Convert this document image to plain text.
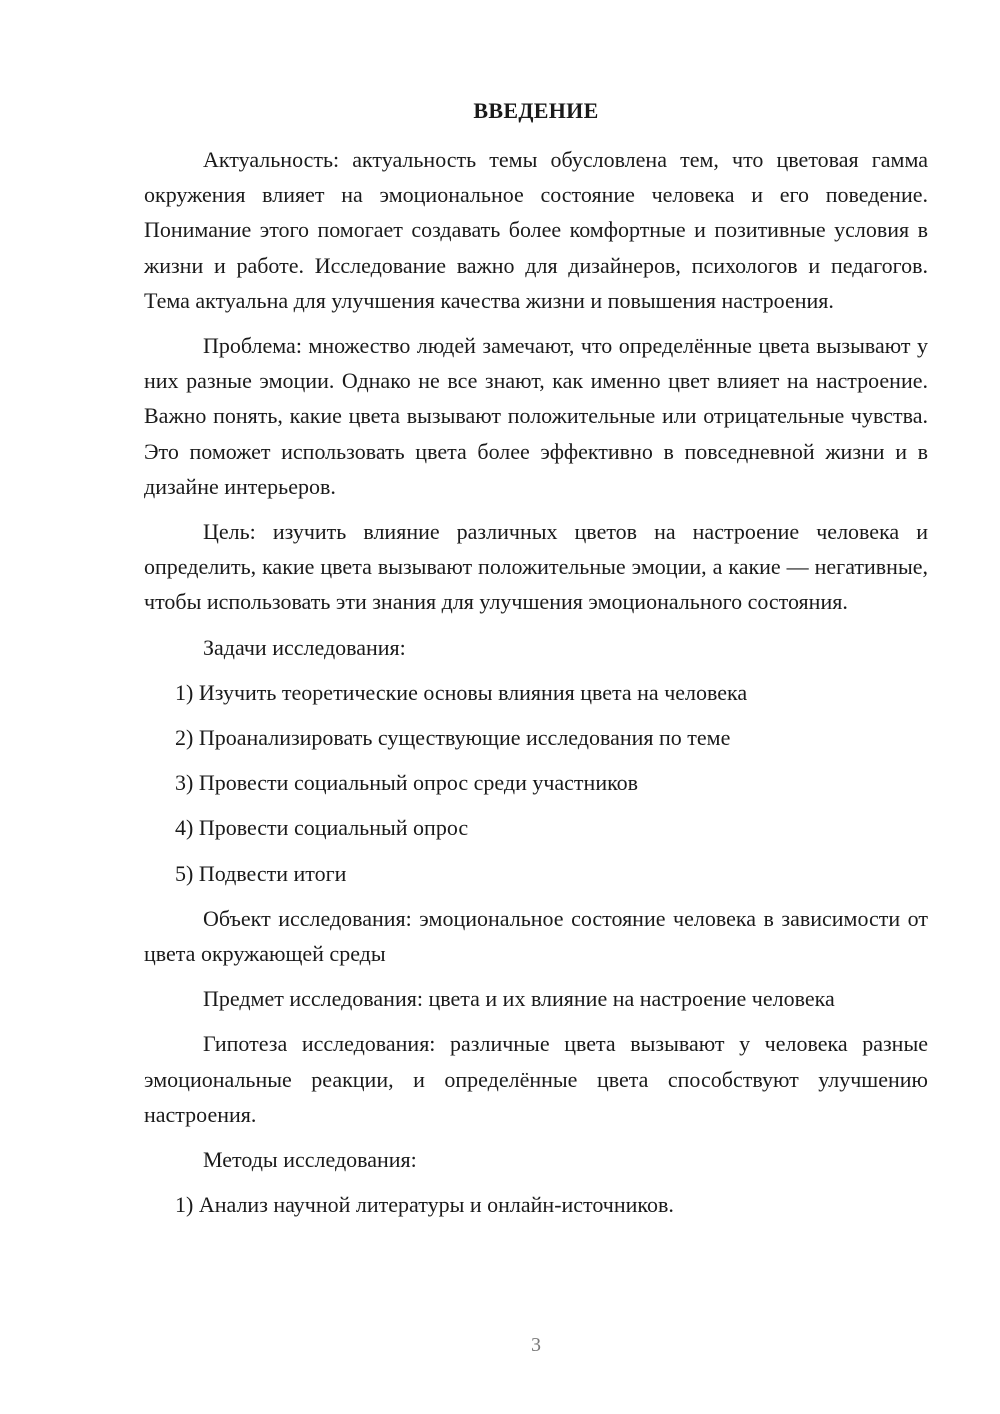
ВВЕДЕНИЕ

Актуальность: актуальность темы обусловлена тем, что цветовая гамма окружения влияет на эмоциональное состояние человека и его поведение. Понимание этого помогает создавать более комфортные и позитивные условия в жизни и работе. Исследование важно для дизайнеров, психологов и педагогов. Тема актуальна для улучшения качества жизни и повышения настроения.

Проблема: множество людей замечают, что определённые цвета вызывают у них разные эмоции. Однако не все знают, как именно цвет влияет на настроение. Важно понять, какие цвета вызывают положительные или отрицательные чувства. Это поможет использовать цвета более эффективно в повседневной жизни и в дизайне интерьеров.

Цель: изучить влияние различных цветов на настроение человека и определить, какие цвета вызывают положительные эмоции, а какие — негативные, чтобы использовать эти знания для улучшения эмоционального состояния.

Задачи исследования:

1) Изучить теоретические основы влияния цвета на человека

2) Проанализировать существующие исследования по теме

3) Провести социальный опрос среди участников

4) Провести социальный опрос

5) Подвести итоги

Объект исследования: эмоциональное состояние человека в зависимости от цвета окружающей среды

Предмет исследования: цвета и их влияние на настроение человека

Гипотеза исследования: различные цвета вызывают у человека разные эмоциональные реакции, и определённые цвета способствуют улучшению настроения.

Методы исследования:

1) Анализ научной литературы и онлайн-источников.

3
